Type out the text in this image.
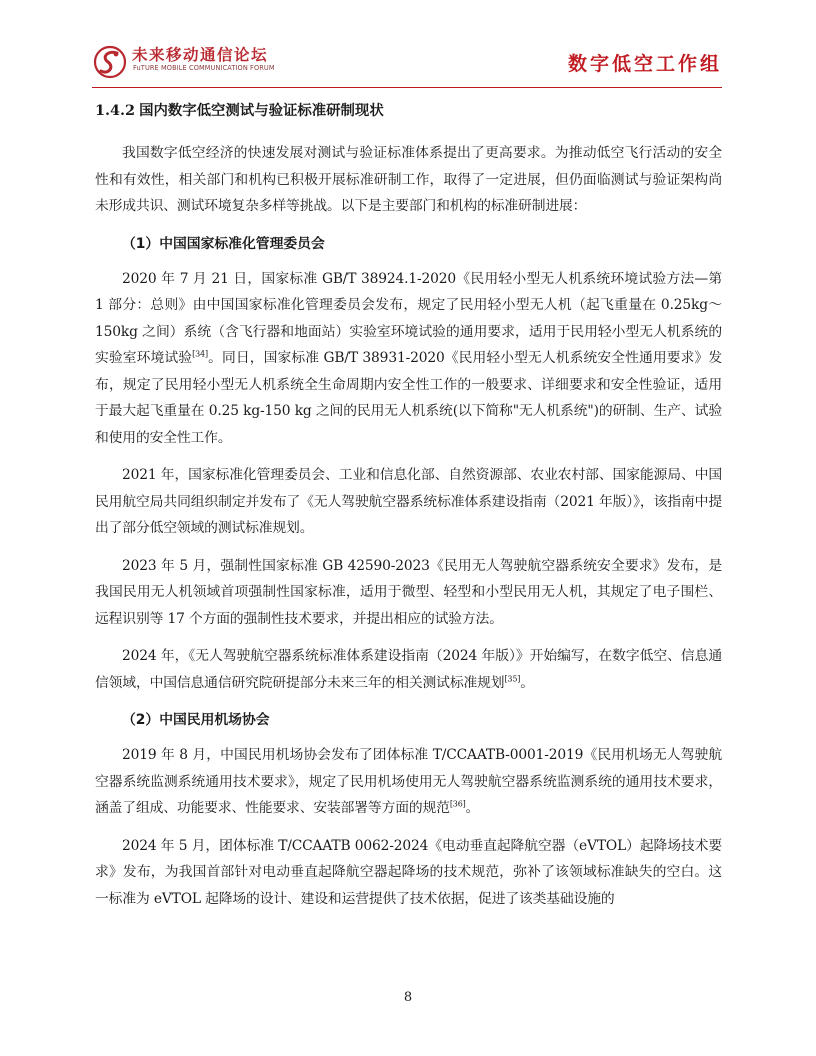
未来移动通信论坛
FuTURE MOBILE COMMUNICATION FORUM	数字低空工作组
1.4.2 国内数字低空测试与验证标准研制现状

我国数字低空经济的快速发展对测试与验证标准体系提出了更高要求。为推动低空飞行活动的安全性和有效性，相关部门和机构已积极开展标准研制工作，取得了一定进展，但仍面临测试与验证架构尚未形成共识、测试环境复杂多样等挑战。以下是主要部门和机构的标准研制进展：

（1）中国国家标准化管理委员会

2020 年 7 月 21 日，国家标准 GB/T 38924.1-2020《民用轻小型无人机系统环境试验方法—第 1 部分：总则》由中国国家标准化管理委员会发布，规定了民用轻小型无人机（起飞重量在 0.25kg～150kg 之间）系统（含飞行器和地面站）实验室环境试验的通用要求，适用于民用轻小型无人机系统的实验室环境试验[34]。同日，国家标准 GB/T 38931-2020《民用轻小型无人机系统安全性通用要求》发布，规定了民用轻小型无人机系统全生命周期内安全性工作的一般要求、详细要求和安全性验证，适用于最大起飞重量在 0.25 kg-150 kg 之间的民用无人机系统(以下简称"无人机系统")的研制、生产、试验和使用的安全性工作。

2021 年，国家标准化管理委员会、工业和信息化部、自然资源部、农业农村部、国家能源局、中国民用航空局共同组织制定并发布了《无人驾驶航空器系统标准体系建设指南（2021 年版）》，该指南中提出了部分低空领域的测试标准规划。

2023 年 5 月，强制性国家标准 GB 42590-2023《民用无人驾驶航空器系统安全要求》发布，是我国民用无人机领域首项强制性国家标准，适用于微型、轻型和小型民用无人机，其规定了电子围栏、远程识别等 17 个方面的强制性技术要求，并提出相应的试验方法。

2024 年，《无人驾驶航空器系统标准体系建设指南（2024 年版）》开始编写，在数字低空、信息通信领域，中国信息通信研究院研提部分未来三年的相关测试标准规划[35]。

（2）中国民用机场协会

2019 年 8 月，中国民用机场协会发布了团体标准 T/CCAATB-0001-2019《民用机场无人驾驶航空器系统监测系统通用技术要求》，规定了民用机场使用无人驾驶航空器系统监测系统的通用技术要求，涵盖了组成、功能要求、性能要求、安装部署等方面的规范[36]。

2024 年 5 月，团体标准 T/CCAATB 0062-2024《电动垂直起降航空器（eVTOL）起降场技术要求》发布，为我国首部针对电动垂直起降航空器起降场的技术规范，弥补了该领域标准缺失的空白。这一标准为 eVTOL 起降场的设计、建设和运营提供了技术依据，促进了该类基础设施的

8
